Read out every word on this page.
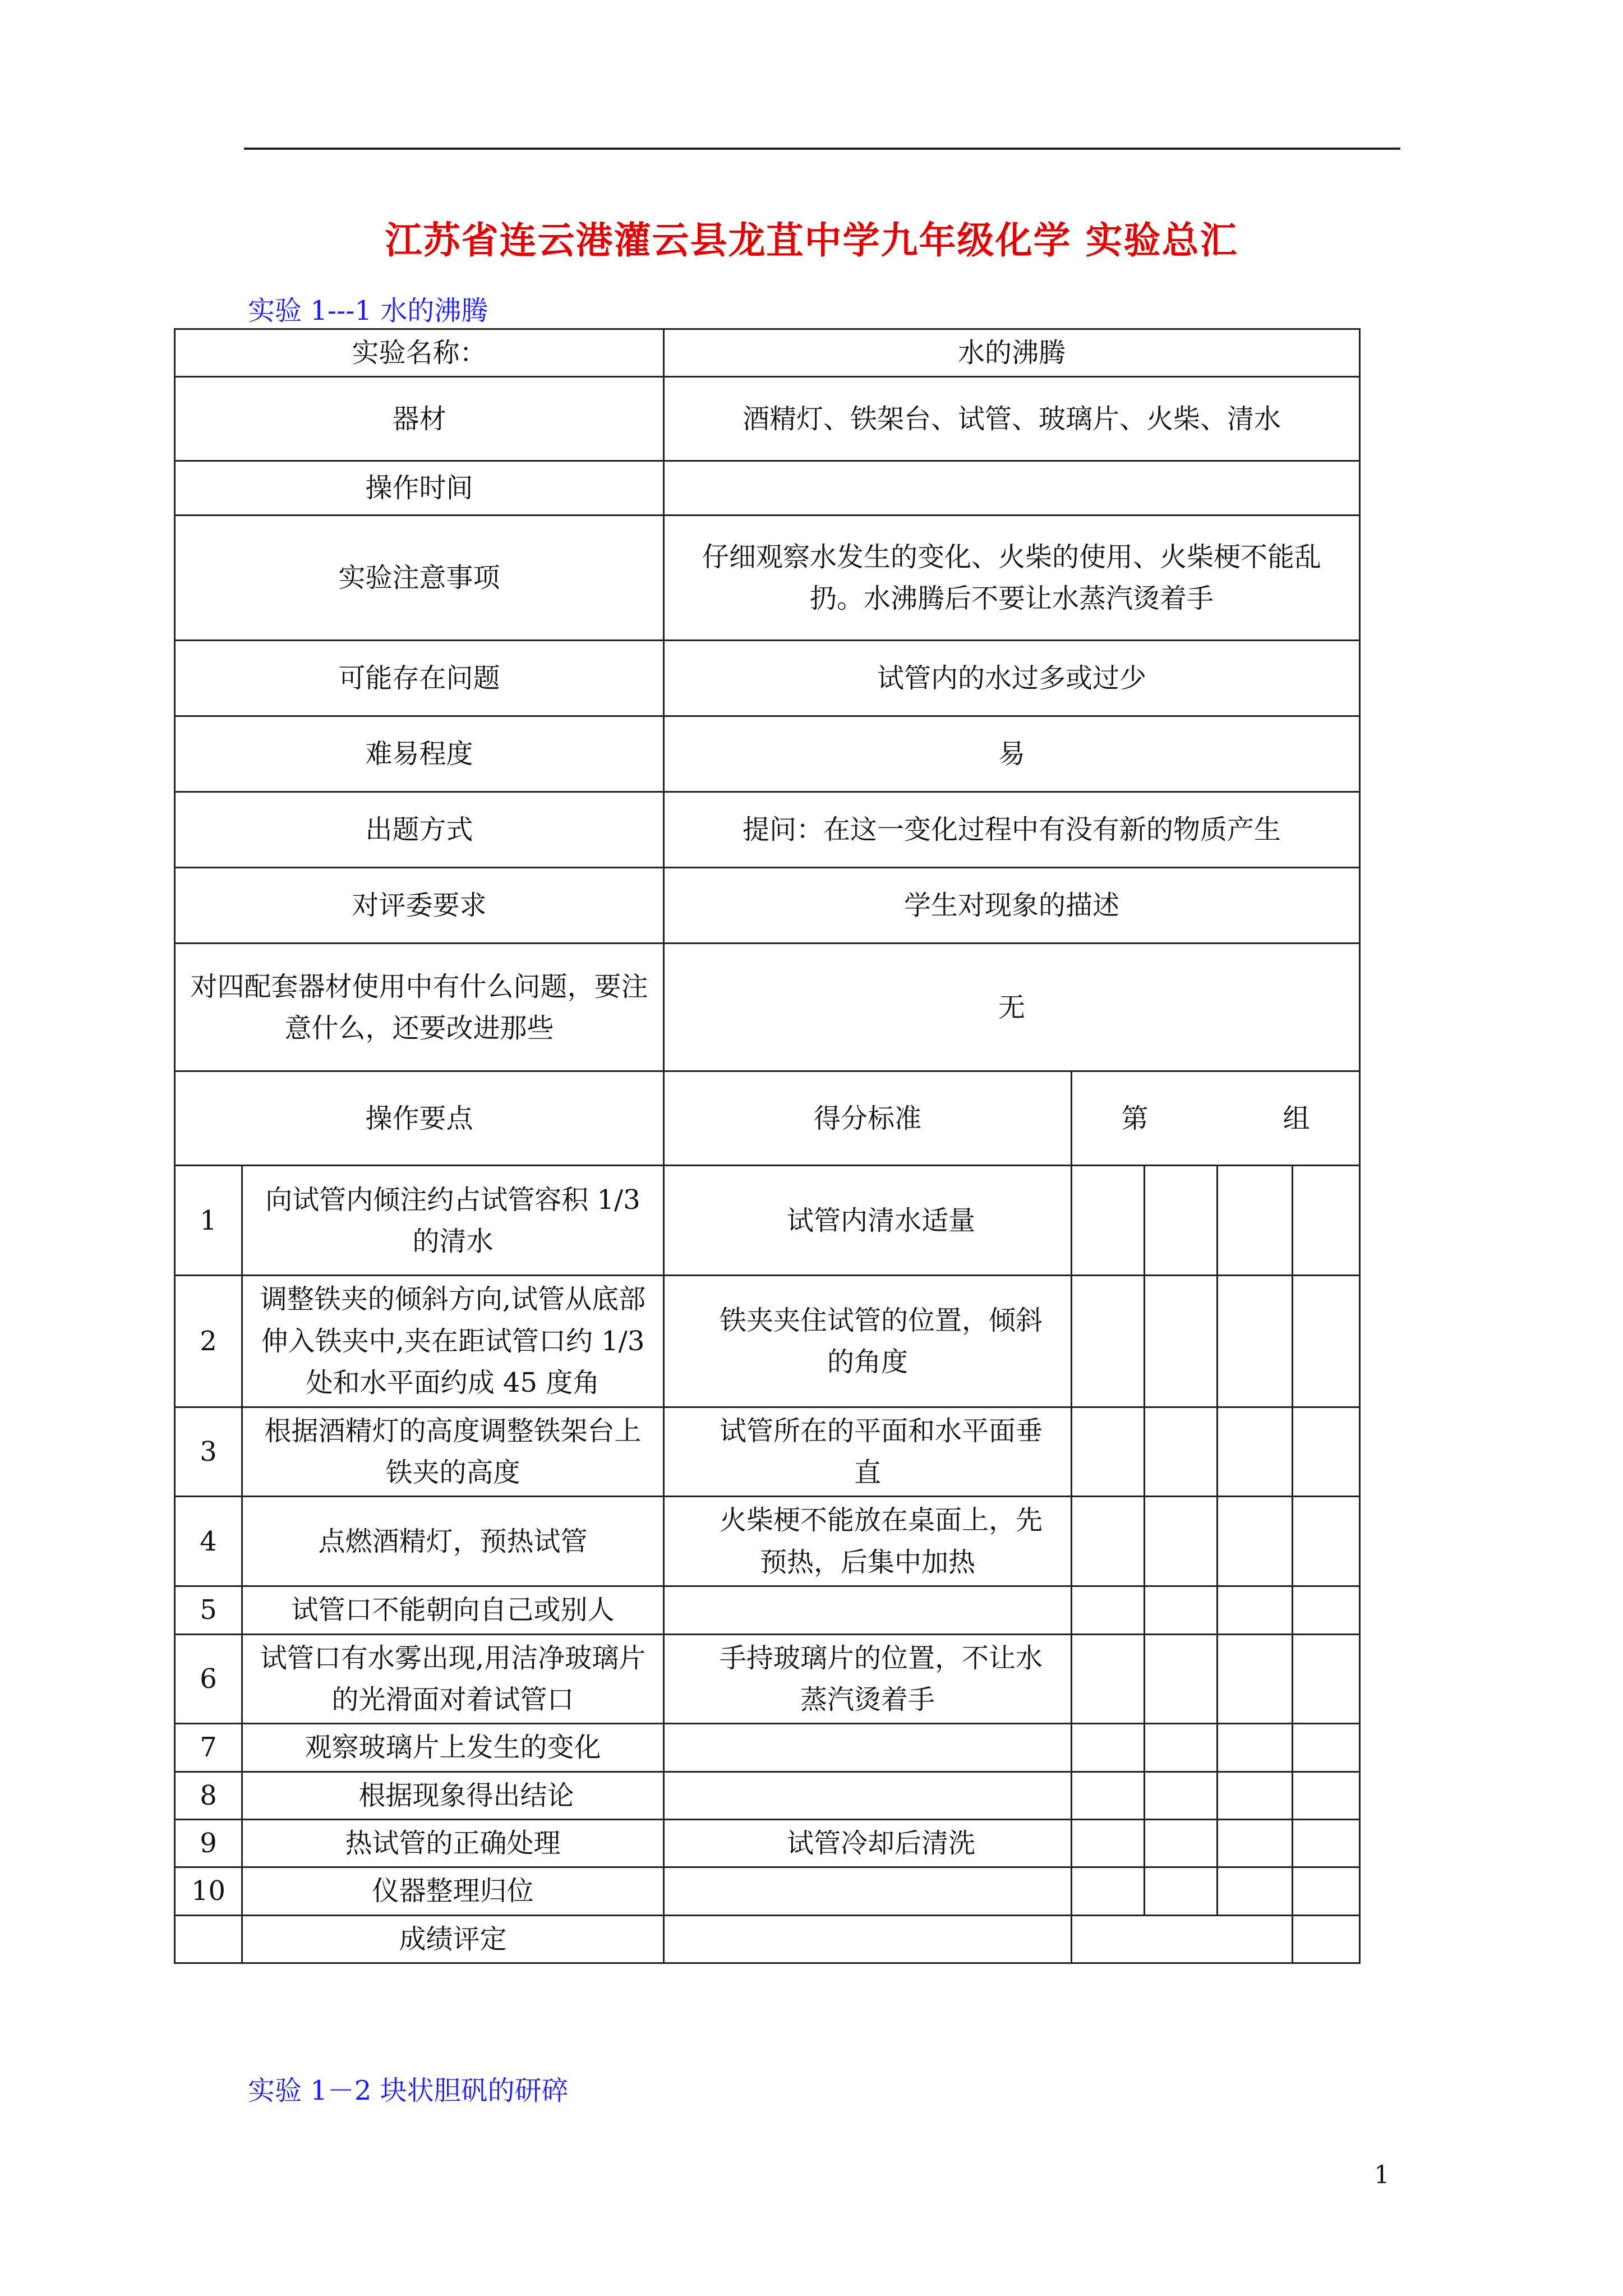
江苏省连云港灌云县龙苴中学九年级化学 实验总汇
实验 1---1 水的沸腾
实验名称：		水的沸腾				
器材		酒精灯、铁架台、试管、玻璃片、火柴、清水				
操作时间						
实验注意事项		仔细观察水发生的变化、火柴的使用、火柴梗不能乱扔。水沸腾后不要让水蒸汽烫着手				
可能存在问题		试管内的水过多或过少				
难易程度		易				
出题方式		提问：在这一变化过程中有没有新的物质产生				
对评委要求		学生对现象的描述				
对四配套器材使用中有什么问题，要注意什么，还要改进那些		无				
操作要点		得分标准	第 组			
1	向试管内倾注约占试管容积 1/3 的清水	试管内清水适量				
2	调整铁夹的倾斜方向,试管从底部伸入铁夹中,夹在距试管口约 1/3 处和水平面约成 45 度角	铁夹夹住试管的位置，倾斜的角度				
3	根据酒精灯的高度调整铁架台上铁夹的高度	试管所在的平面和水平面垂直				
4	点燃酒精灯，预热试管	火柴梗不能放在桌面上，先预热，后集中加热				
5	试管口不能朝向自己或别人					
6	试管口有水雾出现,用洁净玻璃片的光滑面对着试管口	手持玻璃片的位置，不让水蒸汽烫着手				
7	观察玻璃片上发生的变化					
8	根据现象得出结论					
9	热试管的正确处理	试管冷却后清洗				
10	仪器整理归位					
	成绩评定					
实验 1－2 块状胆矾的研碎
1
